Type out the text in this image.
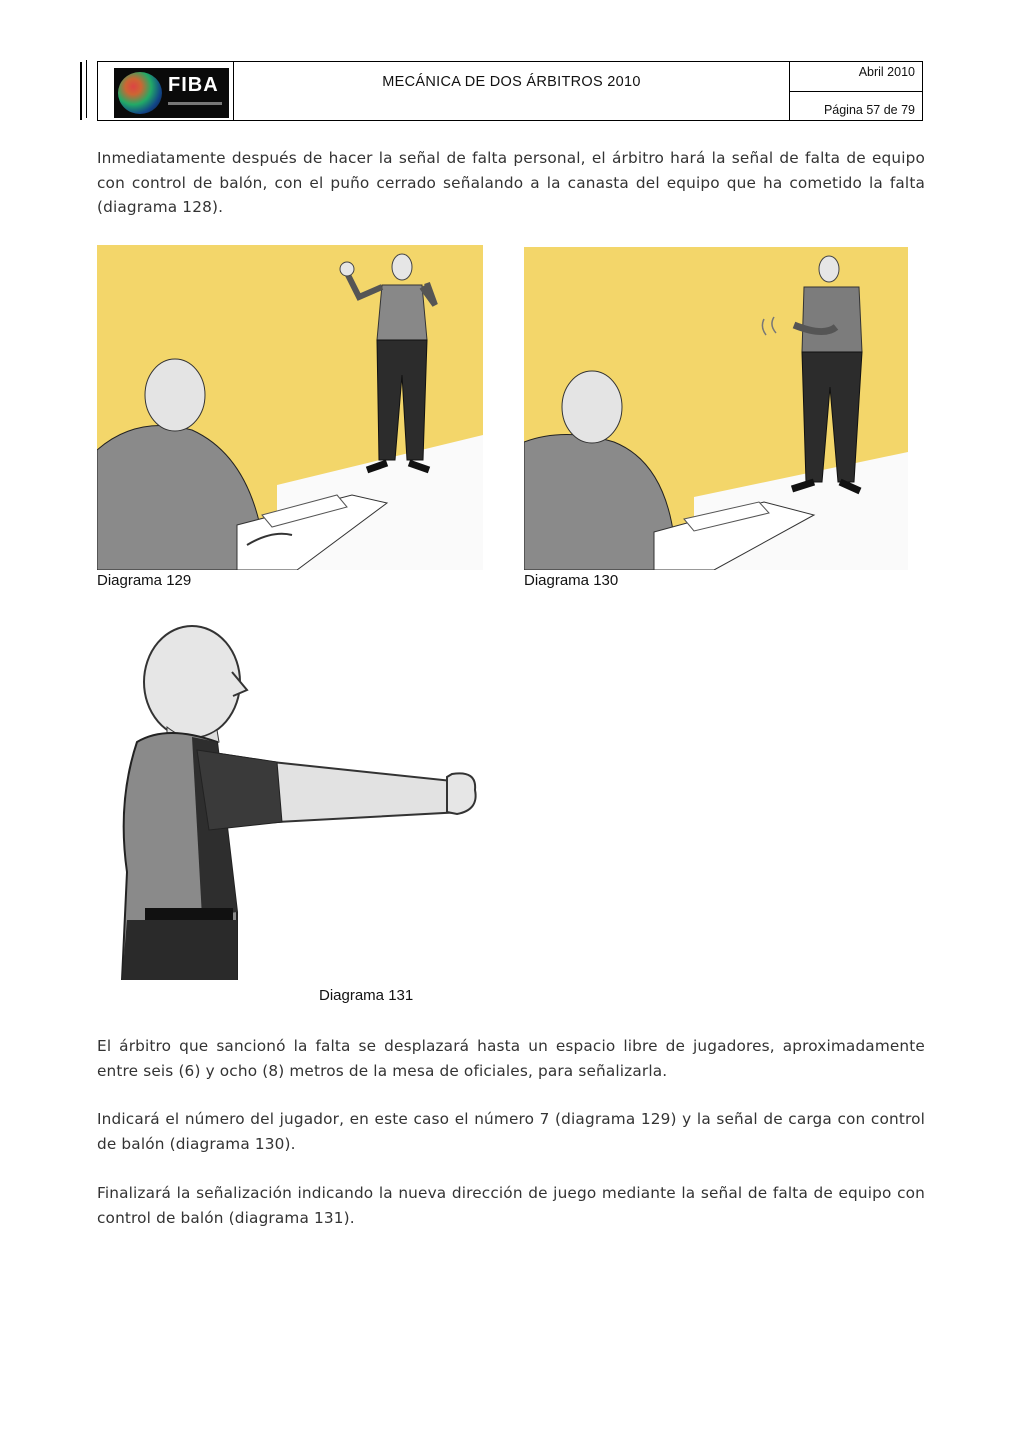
FIBA	MECÁNICA DE DOS ÁRBITROS 2010
Abril 2010
Página 57 de 79

Inmediatamente después de hacer la señal de falta personal, el árbitro hará la señal de falta de equipo con control de balón, con el puño cerrado señalando a la canasta del equipo que ha cometido la falta (diagrama 128).

Diagrama 129	Diagrama 130
Diagrama 131

El árbitro que sancionó la falta se desplazará hasta un espacio libre de jugadores, aproximadamente entre seis (6) y ocho (8) metros de la mesa de oficiales, para señalizarla.

Indicará el número del jugador, en este caso el número 7 (diagrama 129) y la señal de carga con control de balón (diagrama 130).

Finalizará la señalización indicando la nueva dirección de juego mediante la señal de falta de equipo con control de balón (diagrama 131).
